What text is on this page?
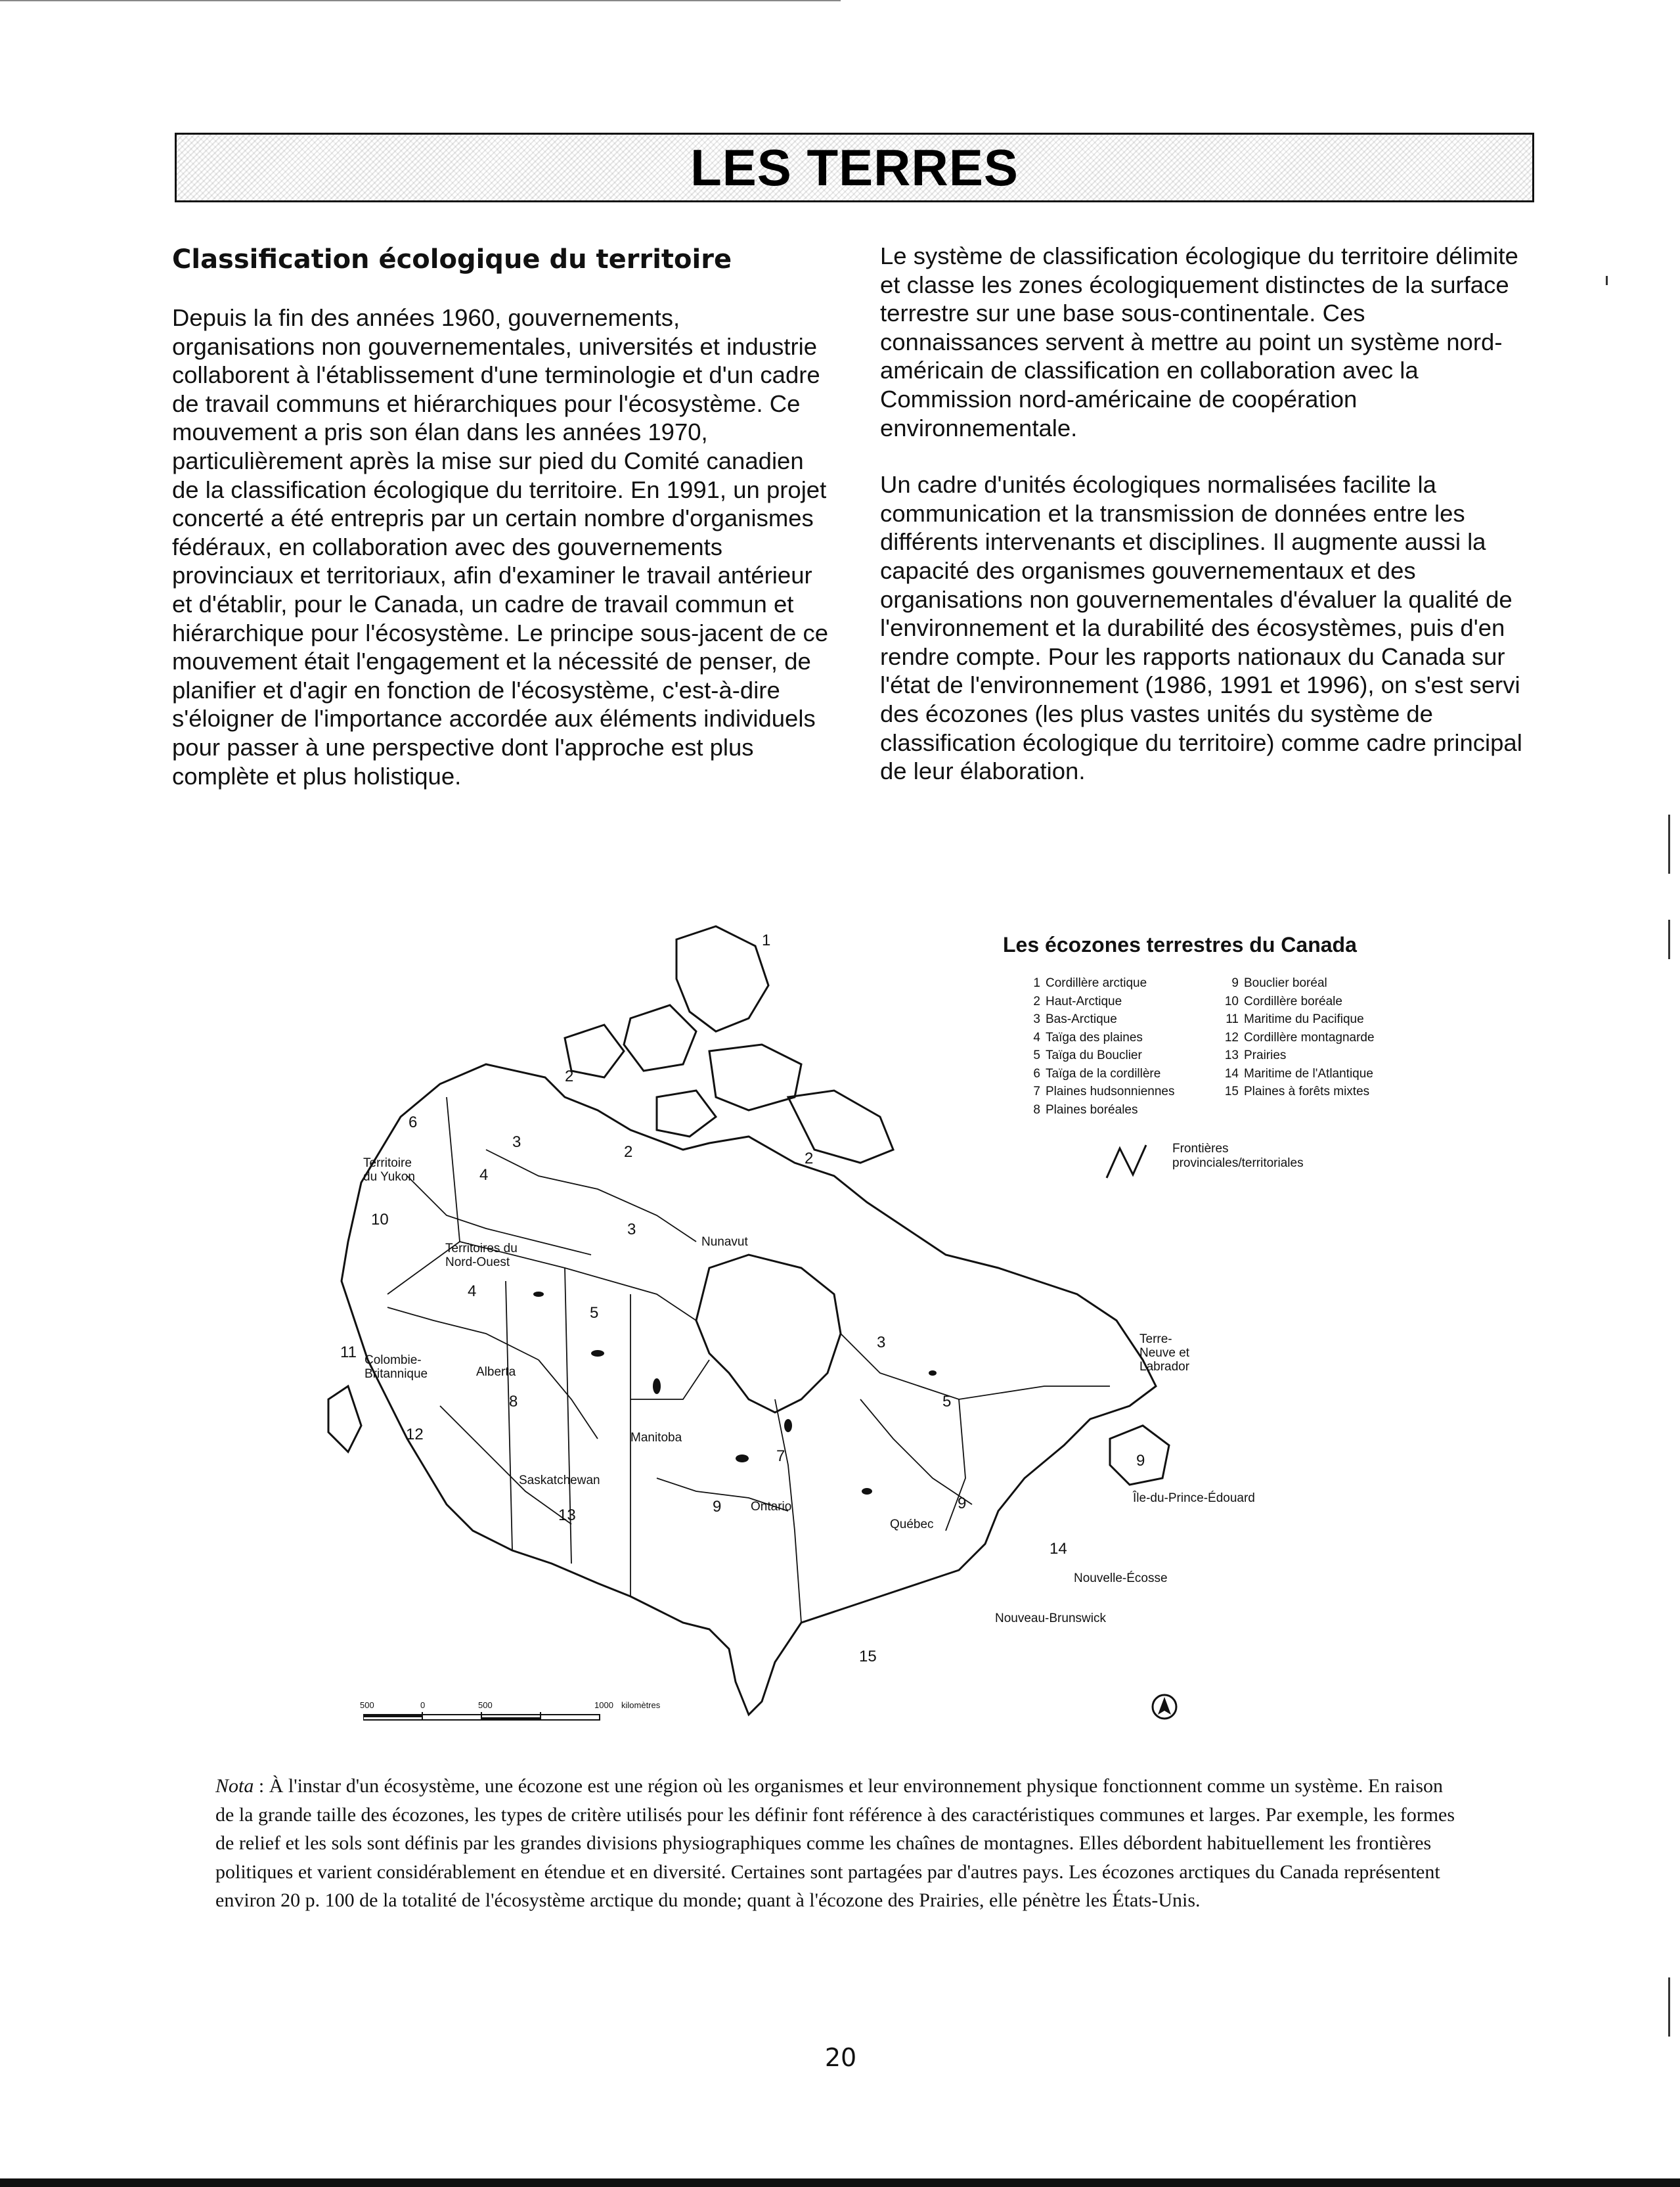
LES TERRES
Classification écologique du territoire

Depuis la fin des années 1960, gouvernements, organisations non gouvernementales, universités et industrie collaborent à l'établissement d'une terminologie et d'un cadre de travail communs et hiérarchiques pour l'écosystème. Ce mouvement a pris son élan dans les années 1970, particulièrement après la mise sur pied du Comité canadien de la classification écologique du territoire. En 1991, un projet concerté a été entrepris par un certain nombre d'organismes fédéraux, en collaboration avec des gouvernements provinciaux et territoriaux, afin d'examiner le travail antérieur et d'établir, pour le Canada, un cadre de travail commun et hiérarchique pour l'écosystème. Le principe sous-jacent de ce mouvement était l'engagement et la nécessité de penser, de planifier et d'agir en fonction de l'écosystème, c'est-à-dire s'éloigner de l'importance accordée aux éléments individuels pour passer à une perspective dont l'approche est plus complète et plus holistique.

Le système de classification écologique du territoire délimite et classe les zones écologiquement distinctes de la surface terrestre sur une base sous-continentale. Ces connaissances servent à mettre au point un système nord-américain de classification en collaboration avec la Commission nord-américaine de coopération environnementale.

Un cadre d'unités écologiques normalisées facilite la communication et la transmission de données entre les différents intervenants et disciplines. Il augmente aussi la capacité des organismes gouvernementaux et des organisations non gouvernementales d'évaluer la qualité de l'environnement et la durabilité des écosystèmes, puis d'en rendre compte. Pour les rapports nationaux du Canada sur l'état de l'environnement (1986, 1991 et 1996), on s'est servi des écozones (les plus vastes unités du système de classification écologique du territoire) comme cadre principal de leur élaboration.

1
2
2	2
3
3
3
4
4
5
5
6
7
8
9	9
9
10
11
12
13
14
15
Territoire du Yukon
Territoires du Nord-Ouest
Nunavut
Colombie-Britannique	Alberta
Saskatchewan
Manitoba
Ontario
Québec
Terre-Neuve et Labrador
Île-du-Prince-Édouard
Nouvelle-Écosse
Nouveau-Brunswick
Les écozones terrestres du Canada
1 Cordillère arctique
2 Haut-Arctique
3 Bas-Arctique
4 Taïga des plaines
5 Taïga du Bouclier
6 Taïga de la cordillère
7 Plaines hudsonniennes
8 Plaines boréales
9 Bouclier boréal
10 Cordillère boréale
11 Maritime du Pacifique
12 Cordillère montagnarde
13 Prairies
14 Maritime de l'Atlantique
15 Plaines à forêts mixtes
Frontières provinciales/territoriales
500	0	500	1000 kilomètres
Nota : À l'instar d'un écosystème, une écozone est une région où les organismes et leur environnement physique fonctionnent comme un système. En raison de la grande taille des écozones, les types de critère utilisés pour les définir font référence à des caractéristiques communes et larges. Par exemple, les formes de relief et les sols sont définis par les grandes divisions physiographiques comme les chaînes de montagnes. Elles débordent habituellement les frontières politiques et varient considérablement en étendue et en diversité. Certaines sont partagées par d'autres pays. Les écozones arctiques du Canada représentent environ 20 p. 100 de la totalité de l'écosystème arctique du monde; quant à l'écozone des Prairies, elle pénètre les États-Unis.
20
